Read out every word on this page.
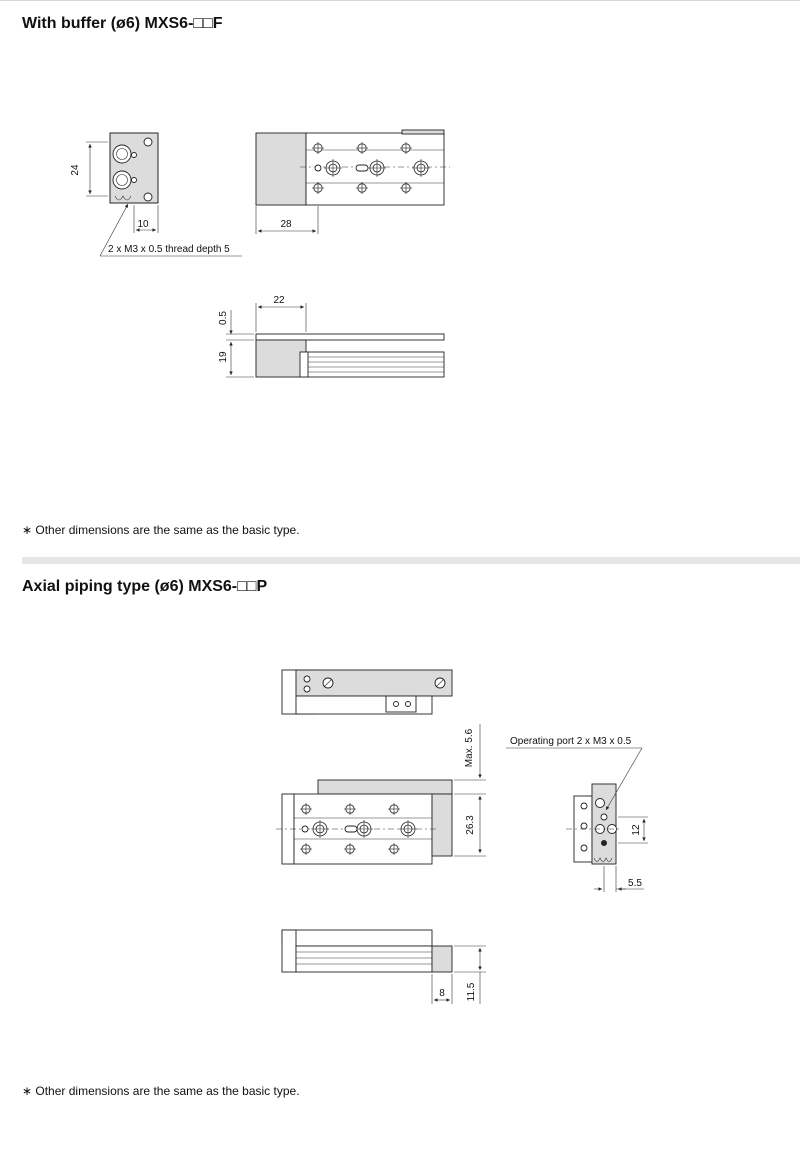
With buffer (ø6) MXS6-□□F
24
10
2 x M3 x 0.5 thread depth 5
28
22
0.5
19
Max. 5.6
26.3
Operating port 2 x M3 x 0.5
12
5.5
8 11.5
∗ Other dimensions are the same as the basic type.
Axial piping type (ø6) MXS6-□□P
∗ Other dimensions are the same as the basic type.
